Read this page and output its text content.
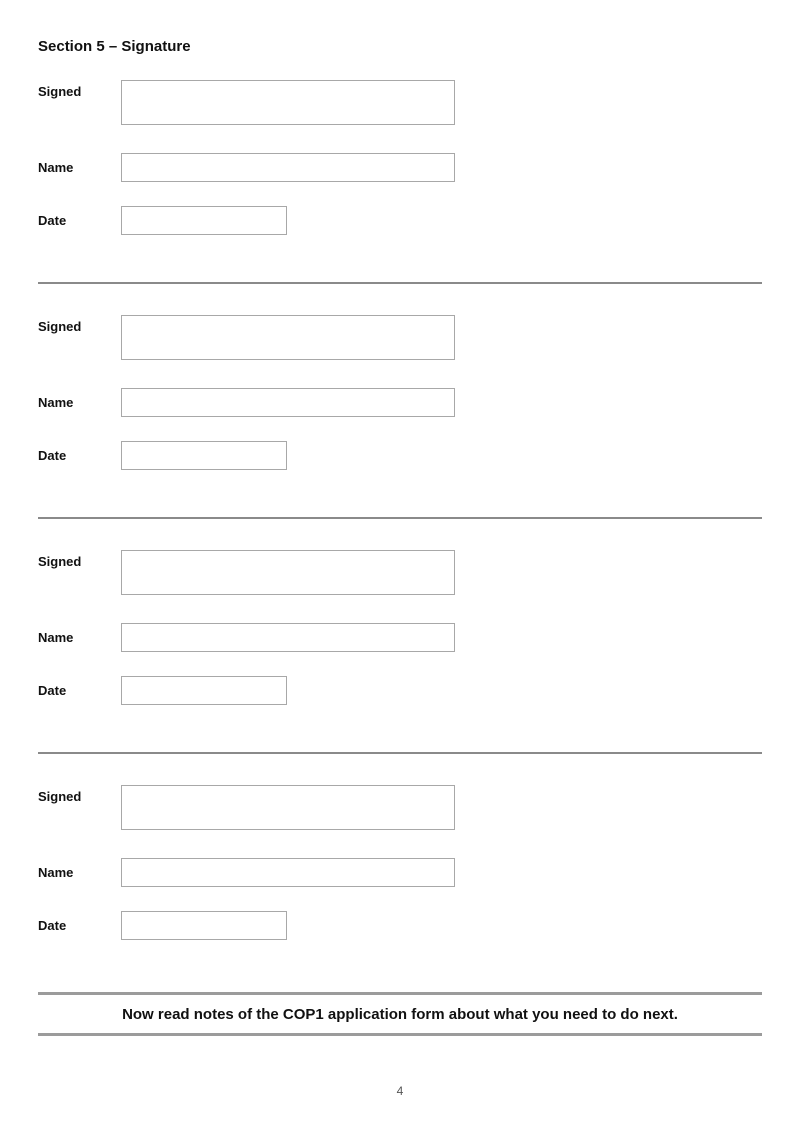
Section 5 – Signature
Signed
Name
Date
Signed
Name
Date
Signed
Name
Date
Signed
Name
Date
Now read notes of the COP1 application form about what you need to do next.
4
